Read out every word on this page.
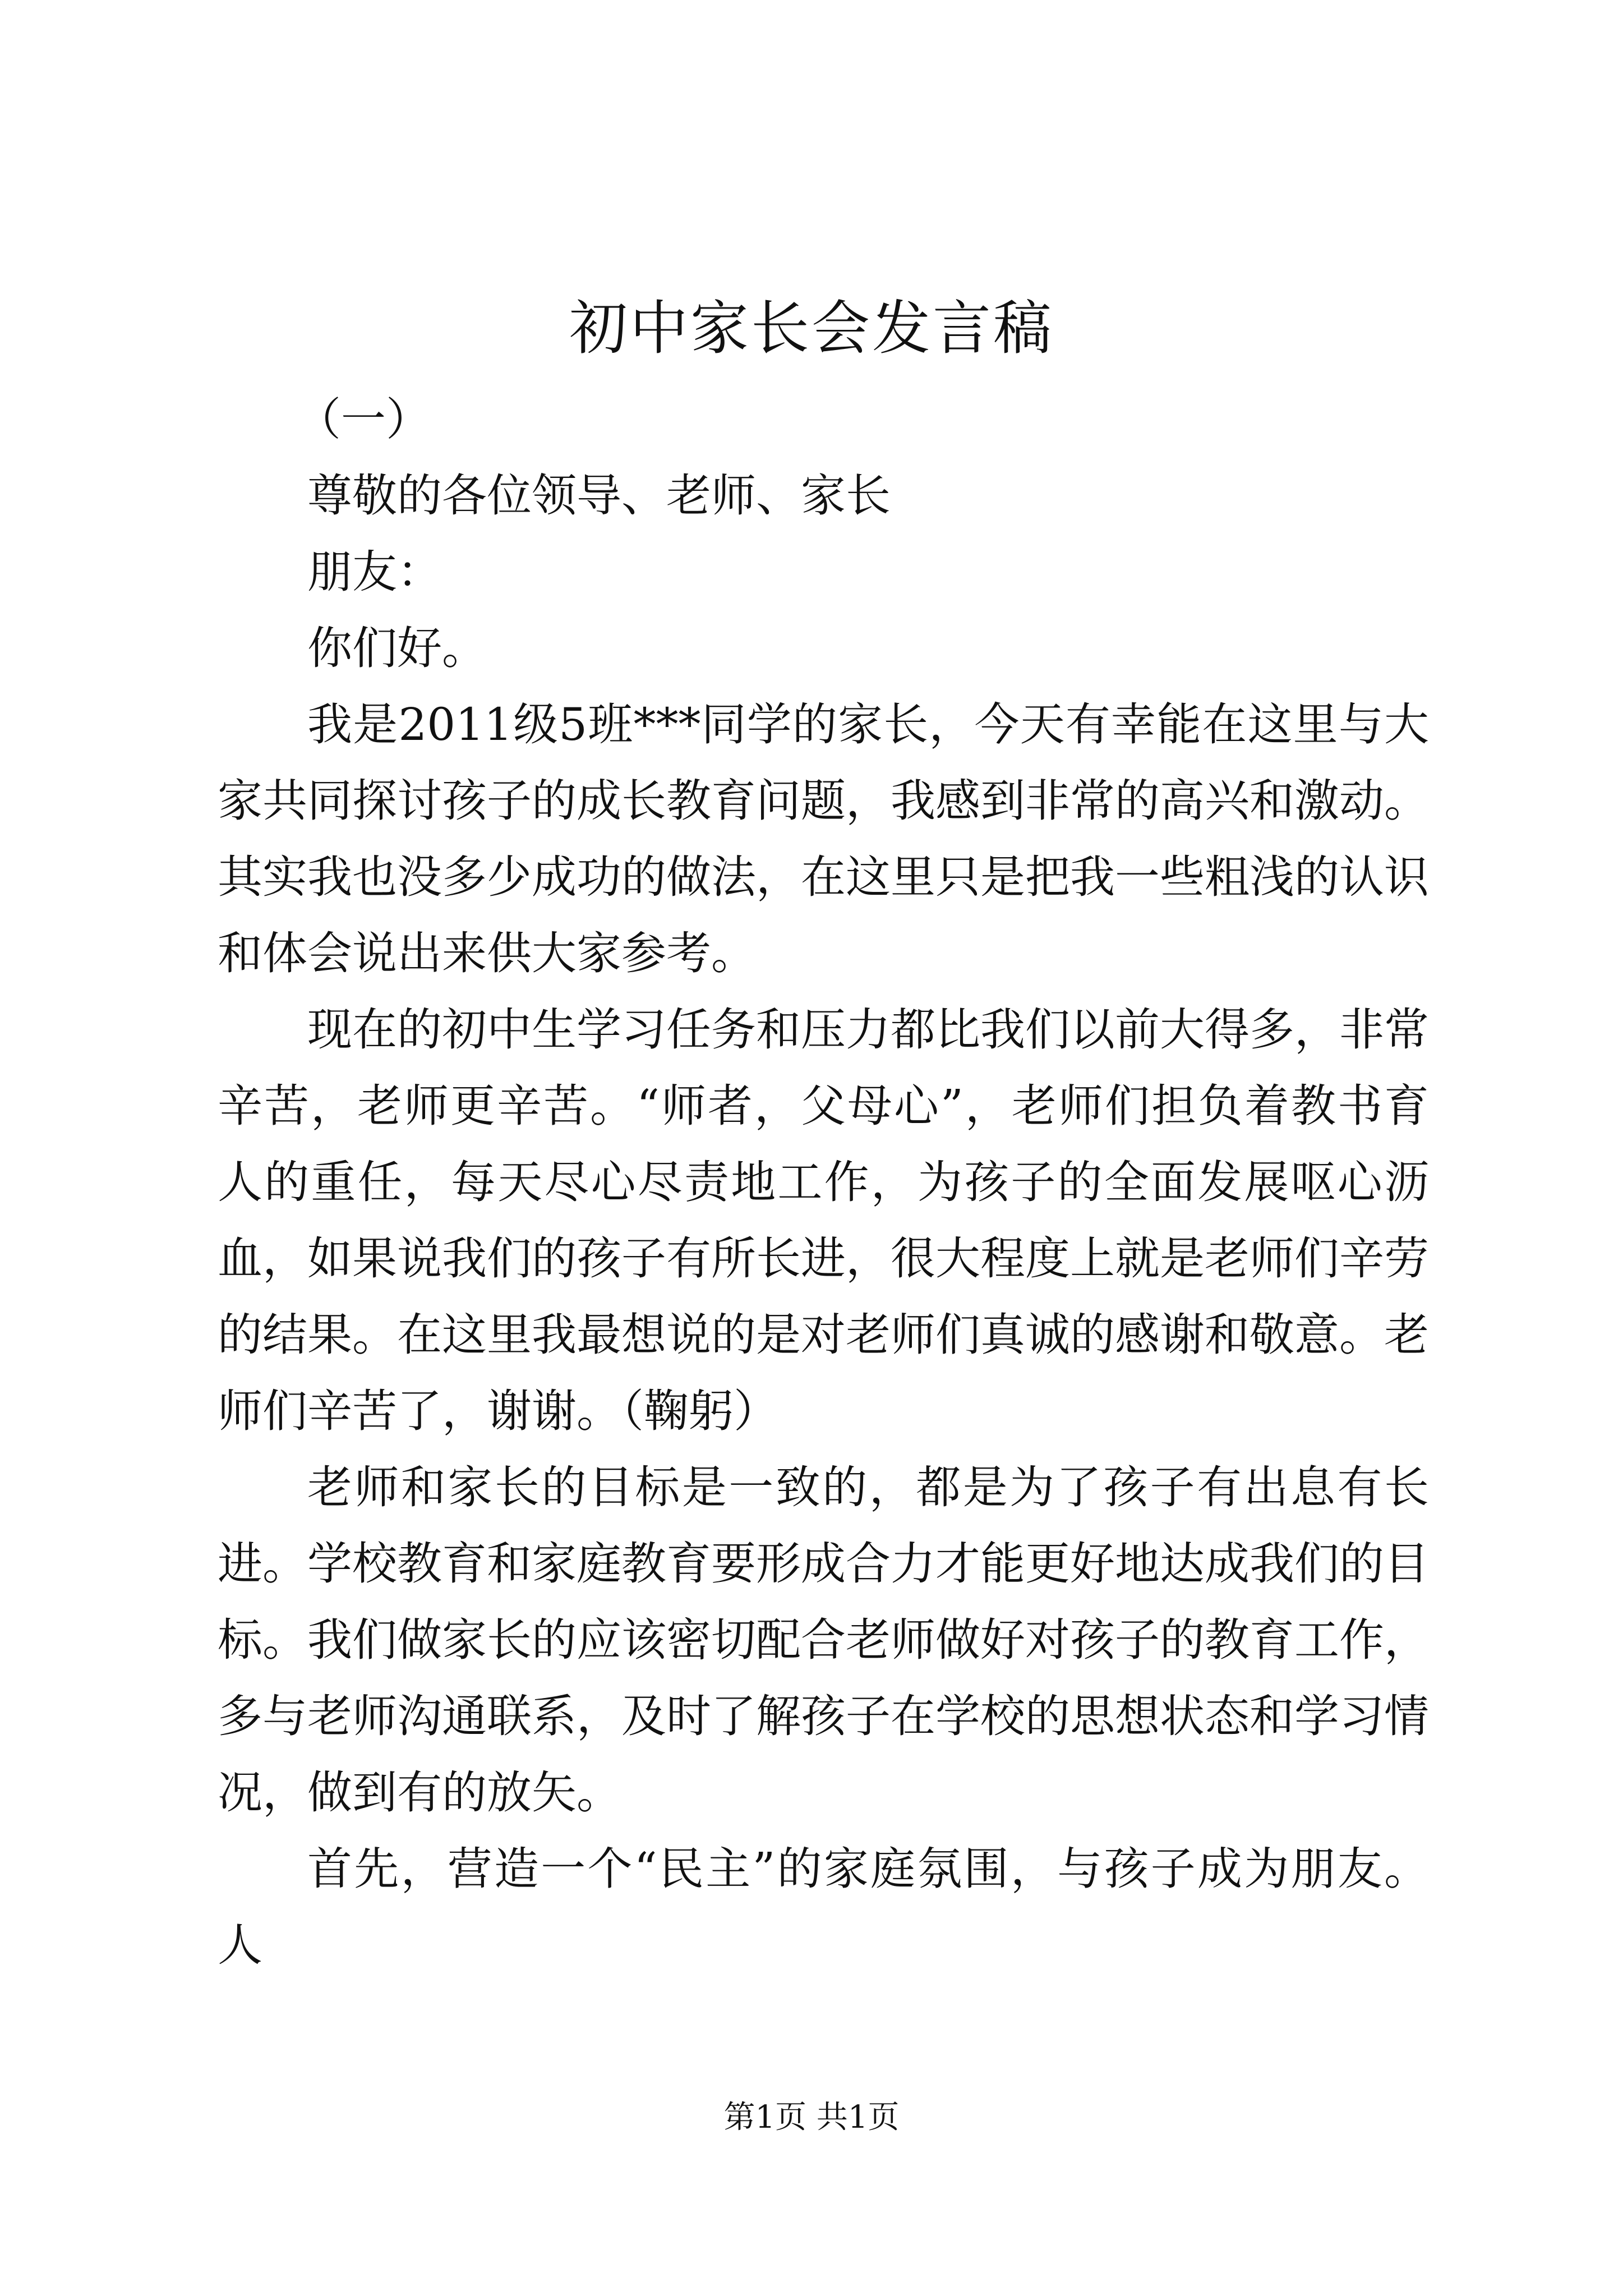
初中家长会发言稿

（一）

尊敬的各位领导、老师、家长

朋友：

你们好。

我是2011级5班***同学的家长，今天有幸能在这里与大家共同探讨孩子的成长教育问题，我感到非常的高兴和激动。其实我也没多少成功的做法，在这里只是把我一些粗浅的认识和体会说出来供大家参考。

现在的初中生学习任务和压力都比我们以前大得多，非常辛苦，老师更辛苦。“师者，父母心”，老师们担负着教书育人的重任，每天尽心尽责地工作，为孩子的全面发展呕心沥血，如果说我们的孩子有所长进，很大程度上就是老师们辛劳的结果。在这里我最想说的是对老师们真诚的感谢和敬意。老师们辛苦了，谢谢。（鞠躬）

老师和家长的目标是一致的，都是为了孩子有出息有长进。学校教育和家庭教育要形成合力才能更好地达成我们的目标。我们做家长的应该密切配合老师做好对孩子的教育工作，多与老师沟通联系，及时了解孩子在学校的思想状态和学习情况，做到有的放矢。

首先，营造一个“民主”的家庭氛围，与孩子成为朋友。人

第1页 共1页
